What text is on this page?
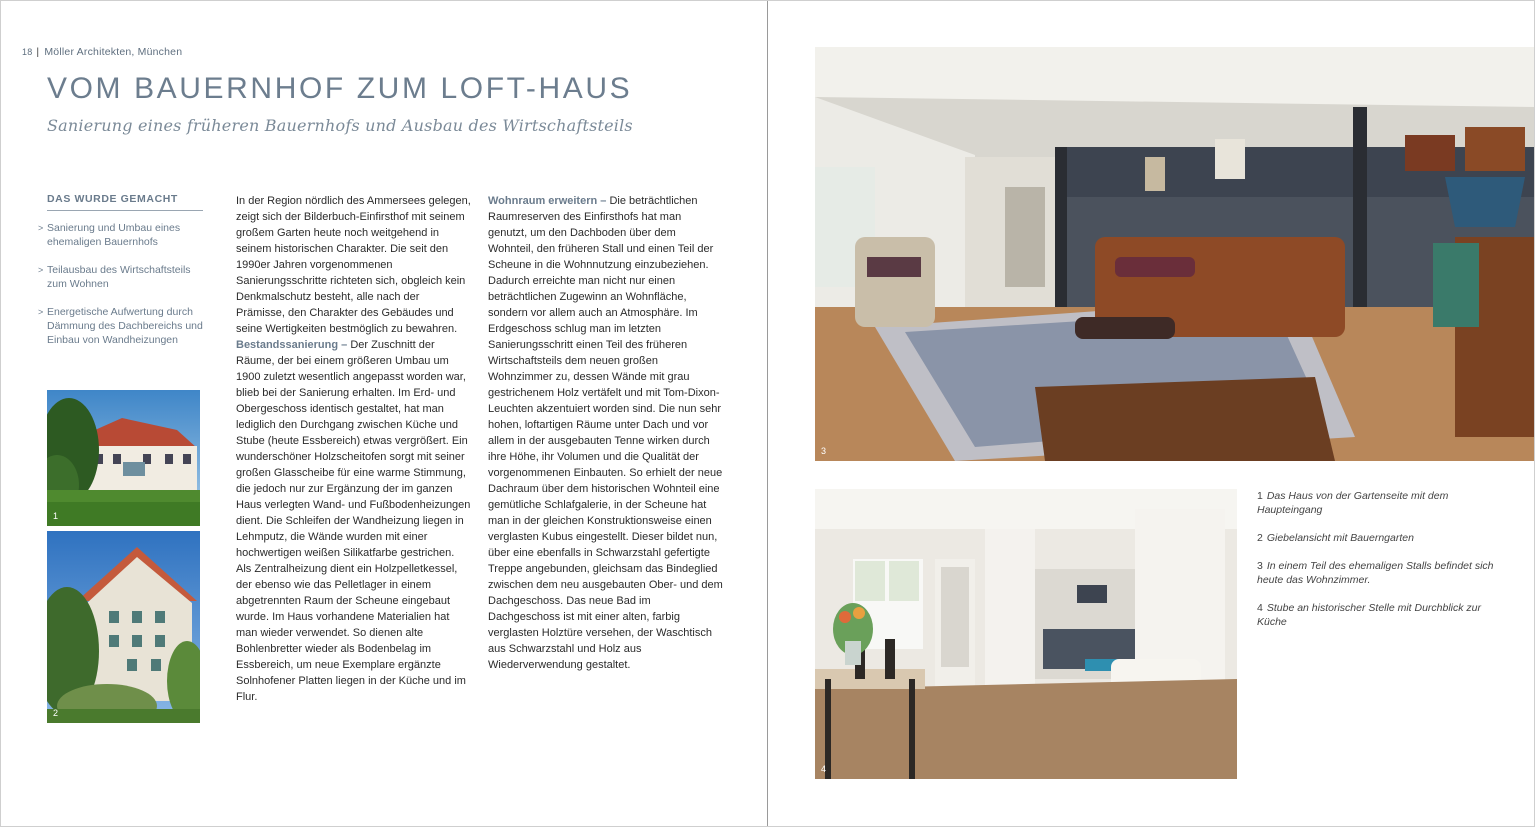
18 | Möller Architekten, München
VOM BAUERNHOF ZUM LOFT-HAUS
Sanierung eines früheren Bauernhofs und Ausbau des Wirtschaftsteils
DAS WURDE GEMACHT
> Sanierung und Umbau eines ehemaligen Bauernhofs
> Teilausbau des Wirtschaftsteils zum Wohnen
> Energetische Aufwertung durch Dämmung des Dachbereichs und Einbau von Wandheizungen
1
2

In der Region nördlich des Ammersees gelegen, zeigt sich der Bilderbuch-Einfirsthof mit seinem großem Garten heute noch weitgehend in seinem historischen Charakter. Die seit den 1990er Jahren vorgenommenen Sanierungsschritte richteten sich, obgleich kein Denkmalschutz besteht, alle nach der Prämisse, den Charakter des Gebäudes und seine Wertigkeiten bestmöglich zu bewahren.

Bestandssanierung – Der Zuschnitt der Räume, der bei einem größeren Umbau um 1900 zuletzt wesentlich angepasst worden war, blieb bei der Sanierung erhalten. Im Erd- und Obergeschoss identisch gestaltet, hat man lediglich den Durchgang zwischen Küche und Stube (heute Essbereich) etwas vergrößert. Ein wunderschöner Holzscheitofen sorgt mit seiner großen Glasscheibe für eine warme Stimmung, die jedoch nur zur Ergänzung der im ganzen Haus verlegten Wand- und Fußbodenheizungen dient. Die Schleifen der Wandheizung liegen in Lehmputz, die Wände wurden mit einer hochwertigen weißen Silikatfarbe gestrichen. Als Zentralheizung dient ein Holzpelletkessel, der ebenso wie das Pelletlager in einem abgetrennten Raum der Scheune eingebaut wurde. Im Haus vorhandene Materialien hat man wieder verwendet. So dienen alte Bohlenbretter wieder als Bodenbelag im Essbereich, um neue Exemplare ergänzte Solnhofener Platten liegen in der Küche und im Flur.

Wohnraum erweitern – Die beträchtlichen Raumreserven des Einfirsthofs hat man genutzt, um den Dachboden über dem Wohnteil, den früheren Stall und einen Teil der Scheune in die Wohnnutzung einzubeziehen. Dadurch erreichte man nicht nur einen beträchtlichen Zugewinn an Wohnfläche, sondern vor allem auch an Atmosphäre. Im Erdgeschoss schlug man im letzten Sanierungsschritt einen Teil des früheren Wirtschaftsteils dem neuen großen Wohnzimmer zu, dessen Wände mit grau gestrichenem Holz vertäfelt und mit Tom-Dixon-Leuchten akzentuiert worden sind. Die nun sehr hohen, loftartigen Räume unter Dach und vor allem in der ausgebauten Tenne wirken durch ihre Höhe, ihr Volumen und die Qualität der vorgenommenen Einbauten. So erhielt der neue Dachraum über dem historischen Wohnteil eine gemütliche Schlafgalerie, in der Scheune hat man in der gleichen Konstruktionsweise einen verglasten Kubus eingestellt. Dieser bildet nun, über eine ebenfalls in Schwarzstahl gefertigte Treppe angebunden, gleichsam das Bindeglied zwischen dem neu ausgebauten Ober- und dem Dachgeschoss. Das neue Bad im Dachgeschoss ist mit einer alten, farbig verglasten Holztüre versehen, der Waschtisch aus Schwarzstahl und Holz aus Wiederverwendung gestaltet.

3
4
1 Das Haus von der Gartenseite mit dem Haupteingang
2 Giebelansicht mit Bauerngarten
3 In einem Teil des ehemaligen Stalls befindet sich heute das Wohnzimmer.
4 Stube an historischer Stelle mit Durchblick zur Küche
